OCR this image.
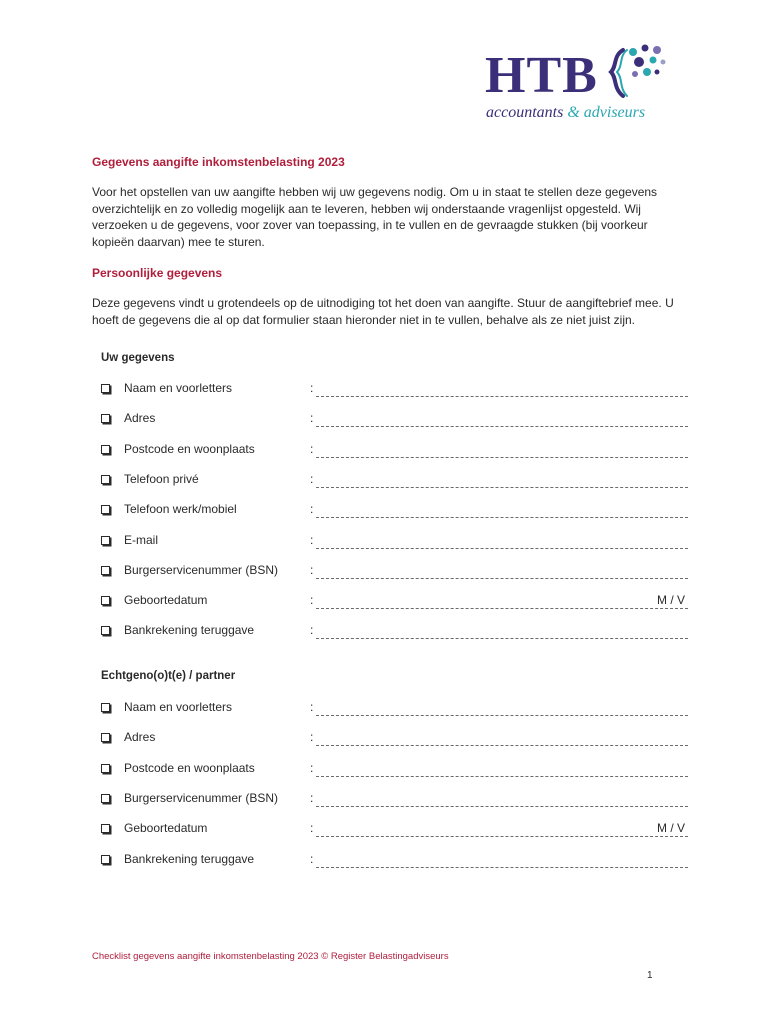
HTB
accountants & adviseurs
Gegevens aangifte inkomstenbelasting 2023

Voor het opstellen van uw aangifte hebben wij uw gegevens nodig. Om u in staat te stellen deze gegevens overzichtelijk en zo volledig mogelijk aan te leveren, hebben wij onderstaande vragenlijst opgesteld. Wij verzoeken u de gegevens, voor zover van toepassing, in te vullen en de gevraagde stukken (bij voorkeur kopieën daarvan) mee te sturen.

Persoonlijke gegevens

Deze gegevens vindt u grotendeels op de uitnodiging tot het doen van aangifte. Stuur de aangiftebrief mee. U hoeft de gegevens die al op dat formulier staan hieronder niet in te vullen, behalve als ze niet juist zijn.

Uw gegevens
Naam en voorletters	:
Adres	:
Postcode en woonplaats	:
Telefoon privé	:
Telefoon werk/mobiel	:
E-mail	:
Burgerservicenummer (BSN)	:
Geboortedatum	:	M / V
Bankrekening teruggave	:
Echtgeno(o)t(e) / partner
Naam en voorletters	:
Adres	:
Postcode en woonplaats	:
Burgerservicenummer (BSN)	:
Geboortedatum	:	M / V
Bankrekening teruggave	:
Checklist gegevens aangifte inkomstenbelasting 2023 © Register Belastingadviseurs
1
